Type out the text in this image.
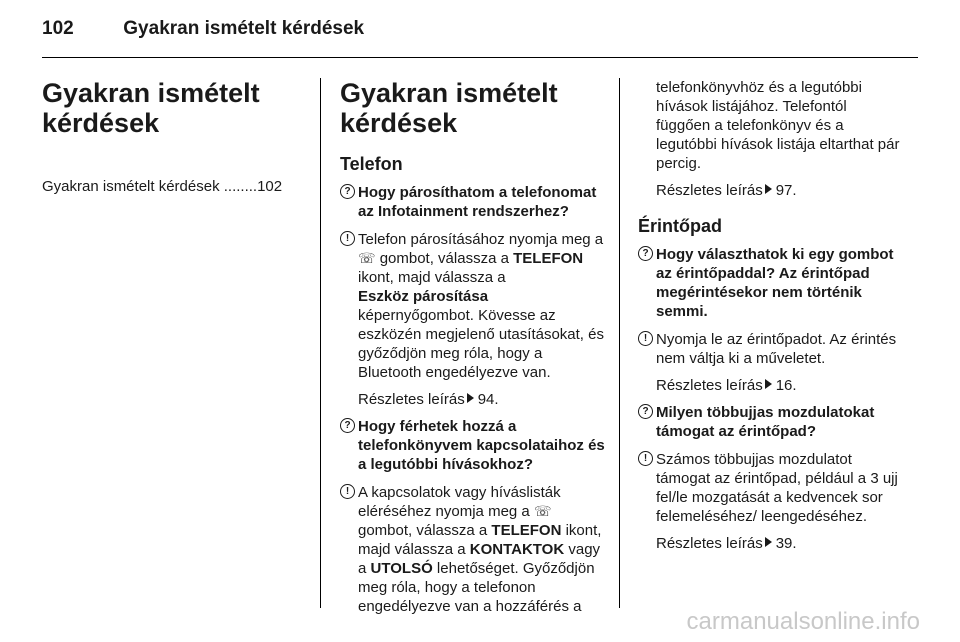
102	Gyakran ismételt kérdések
Gyakran ismételt kérdések
Gyakran ismételt kérdések ........102
Gyakran ismételt kérdések
Telefon
? Hogy párosíthatom a telefonomat az Infotainment rendszerhez?
! Telefon párosításához nyomja meg a ☏ gombot, válassza a TELEFON ikont, majd válassza a
Eszköz párosítása
képernyőgombot. Kövesse az eszközén megjelenő utasításokat, és győződjön meg róla, hogy a Bluetooth engedélyezve van.
Részletes leírás 94.
? Hogy férhetek hozzá a telefonkönyvem kapcsolataihoz és a legutóbbi hívásokhoz?
! A kapcsolatok vagy híváslisták eléréséhez nyomja meg a ☏ gombot, válassza a TELEFON ikont, majd válassza a KONTAKTOK vagy a UTOLSÓ lehetőséget. Győződjön meg róla, hogy a telefonon engedélyezve van a hozzáférés a
telefonkönyvhöz és a legutóbbi hívások listájához. Telefontól függően a telefonkönyv és a legutóbbi hívások listája eltarthat pár percig.
Részletes leírás 97.
Érintőpad
? Hogy választhatok ki egy gombot az érintőpaddal? Az érintőpad megérintésekor nem történik semmi.
! Nyomja le az érintőpadot. Az érintés nem váltja ki a műveletet.
Részletes leírás 16.
? Milyen többujjas mozdulatokat támogat az érintőpad?
! Számos többujjas mozdulatot támogat az érintőpad, például a 3 ujj fel/le mozgatását a kedvencek sor felemeléséhez/ leengedéséhez.
Részletes leírás 39.
carmanualsonline.info
